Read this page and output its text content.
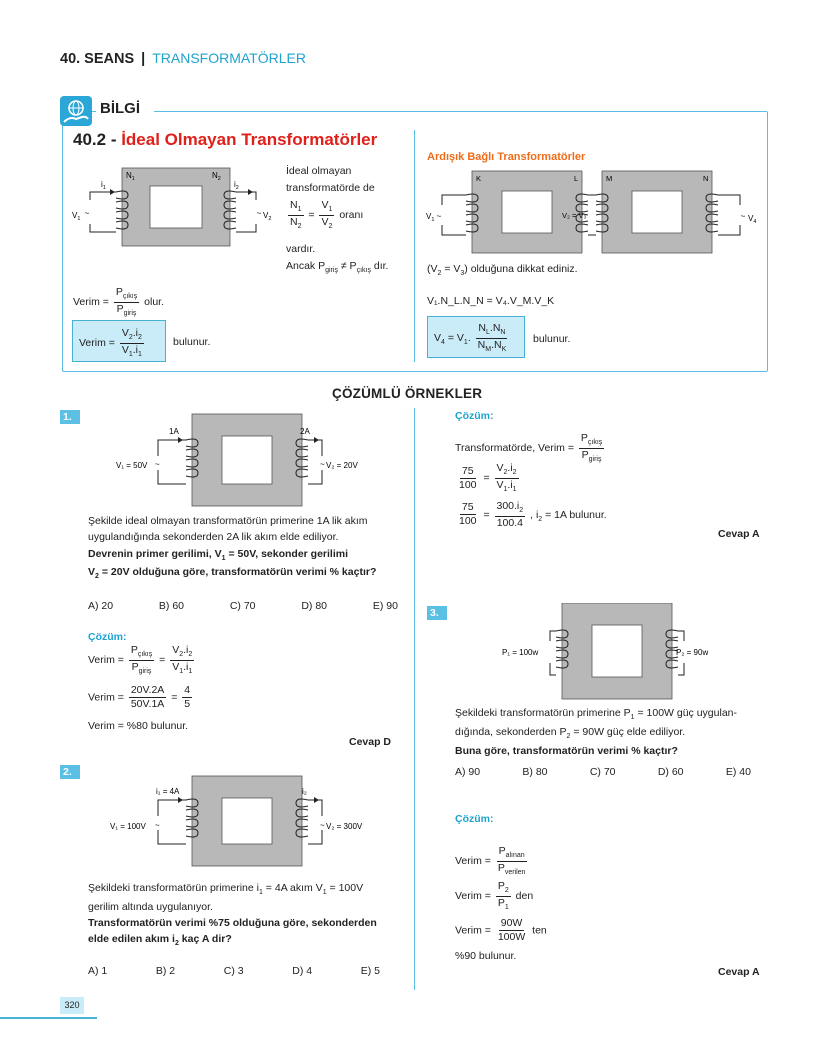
40. SEANS | TRANSFORMATÖRLER
BİLGİ
40.2 - İdeal Olmayan Transformatörler
~	~
$V_1$	$V_2$
$i_1$	$i_2$
$N_1$	$N_2$
İdeal olmayan
transformatörde de
$\frac{N_1}{N_2} = \frac{V_1}{V_2}$ oranı
vardır.
Ancak $P_{giriş} \ne P_{çıkış}$ dır.
Verim = $\frac{P_{çıkış}}{P_{giriş}}$ olur.
Verim = $\frac{V_2.i_2}{V_1.i_1}$	bulunur.
Ardışık Bağlı Transformatörler
~	~
$V_1$	$V_4$
V₂ = V₃
K	L	M	N
$(V_2 = V_3)$ olduğuna dikkat ediniz.
V₁.N_L.N_N = V₄.V_M.V_K
$V_4 = V_1$. $\frac{N_L.N_N}{N_M.N_K}$ bulunur.
ÇÖZÜMLÜ ÖRNEKLER
1.
~	~
1A	2A
V₁ = 50V	V₂ = 20V
Şekilde ideal olmayan transformatörün primerine 1A lik akım
uygulandığında sekonderden 2A lik akım elde ediliyor.
Devrenin primer gerilimi, $V_1 = 50V$, sekonder gerilimi
$V_2 = 20V$ olduğuna göre, transformatörün verimi % kaçtır?
A) 20	B) 60	C) 70	D) 80	E) 90
Çözüm:
Verim = $\frac{P_{çıkış}}{P_{giriş}} = \frac{V_2.i_2}{V_1.i_1}$
Verim = $\frac{20V.2A}{50V.1A} = \frac{4}{5}$
Verim = %80 bulunur.
Cevap D
Çözüm:
Transformatörde, Verim = $\frac{P_{çıkış}}{P_{giriş}}$
$\frac{75}{100} = \frac{V_2.i_2}{V_1.i_1}$
$\frac{75}{100} = \frac{300.i_2}{100.4}$ , $i_2 = 1A$ bulunur.
Cevap A
2.
~	~
i₁ = 4A	i₂
V₁ = 100V	V₂ = 300V
Şekildeki transformatörün primerine $i_1 = 4A$ akım $V_1 = 100V$
gerilim altında uygulanıyor.
Transformatörün verimi %75 olduğuna göre, sekonderden
elde edilen akım $i_2$ kaç A dir?
A) 1	B) 2	C) 3	D) 4	E) 5
3.
P₁ = 100w	P₂ = 90w
Şekildeki transformatörün primerine $P_1 = 100W$ güç uygulan-
dığında, sekonderden $P_2 = 90W$ güç elde ediliyor.
Buna göre, transformatörün verimi % kaçtır?
A) 90	B) 80	C) 70	D) 60	E) 40
Çözüm:
Verim = $\frac{P_{alınan}}{P_{verilen}}$
Verim = $\frac{P_2}{P_1}$ den
Verim = $\frac{90W}{100W}$ ten
%90 bulunur.
Cevap A
320
